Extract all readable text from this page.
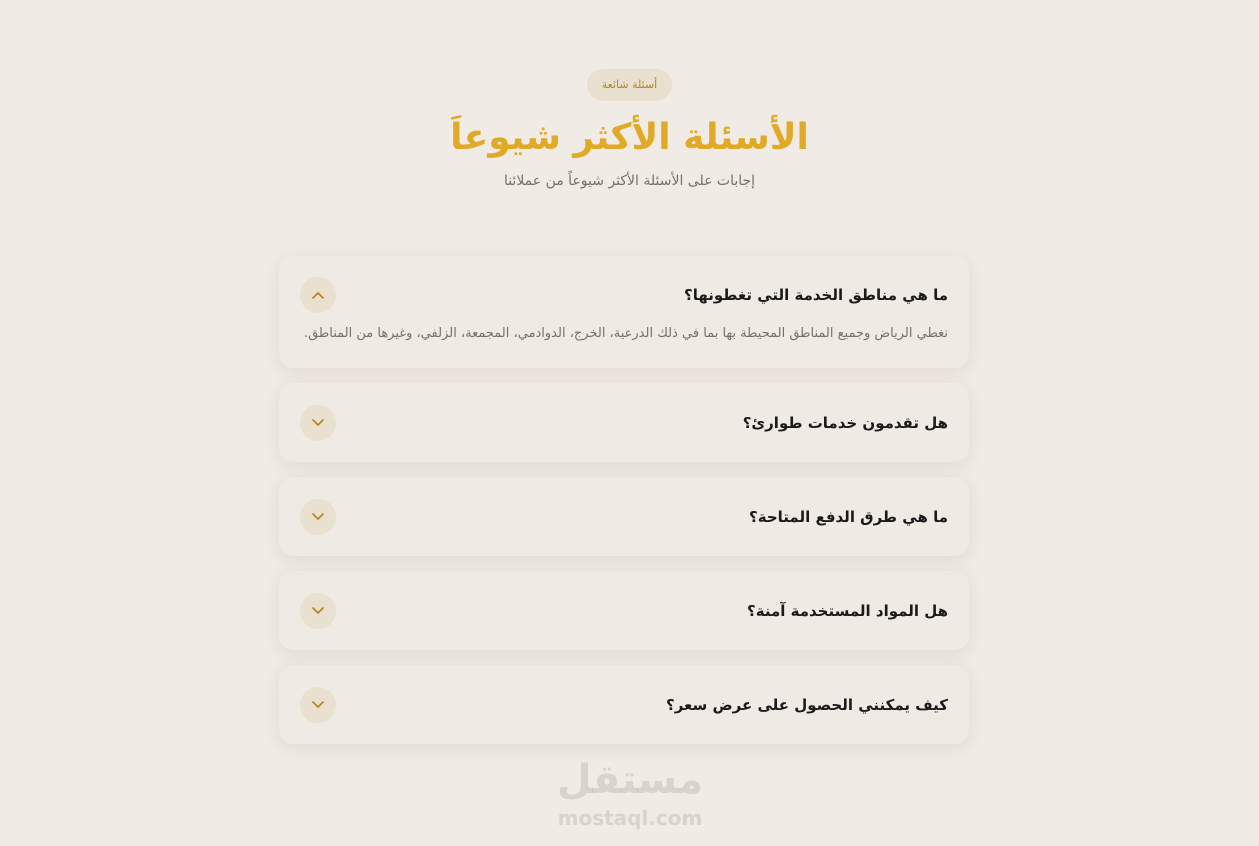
أسئلة شائعة
الأسئلة الأكثر شيوعاَ

إجابات على الأسئلة الأكثر شيوعاً من عملائنا

ما هي مناطق الخدمة التي تغطونها؟
نغطي الرياض وجميع المناطق المحيطة بها بما في ذلك الدرعية، الخرج، الدوادمي، المجمعة، الزلفي، وغيرها من المناطق.
هل تقدمون خدمات طوارئ؟
ما هي طرق الدفع المتاحة؟
هل المواد المستخدمة آمنة؟
كيف يمكنني الحصول على عرض سعر؟
مستقل
mostaql.com
